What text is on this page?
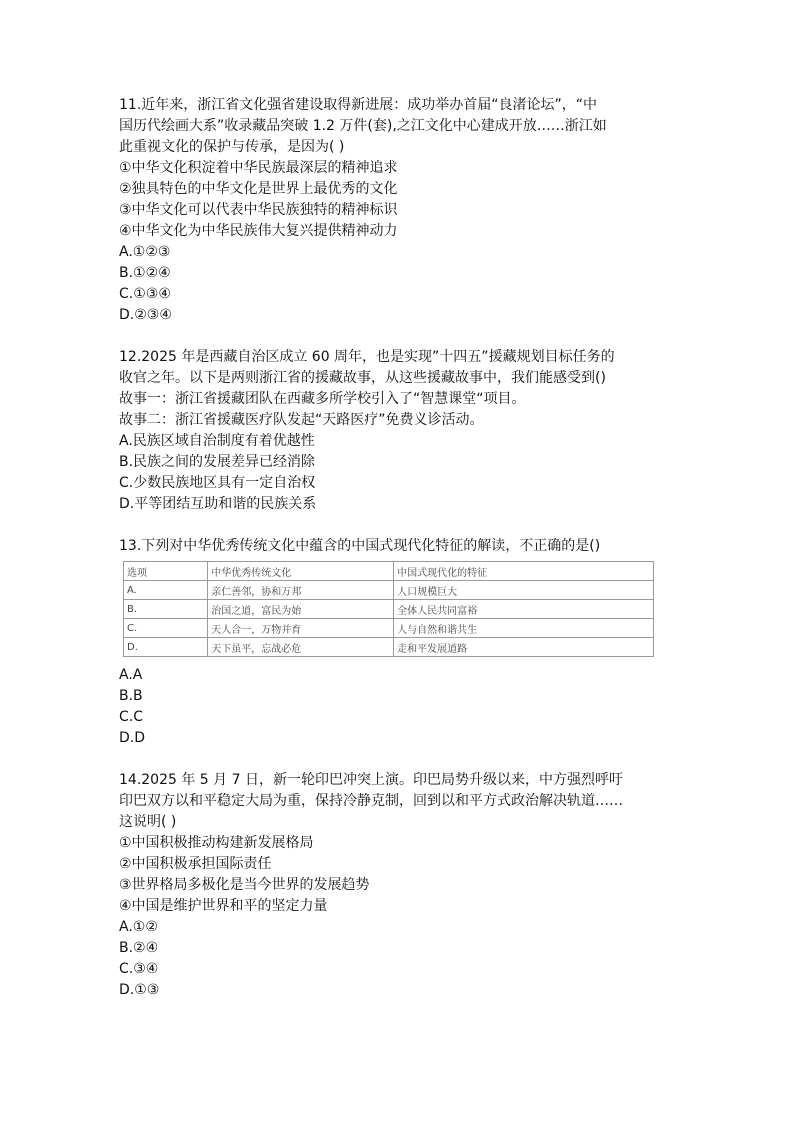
11.近年来，浙江省文化强省建设取得新进展：成功举办首届“良渚论坛”，“中
国历代绘画大系”收录藏品突破 1.2 万件(套),之江文化中心建成开放……浙江如
此重视文化的保护与传承，是因为( )
①中华文化积淀着中华民族最深层的精神追求
②独具特色的中华文化是世界上最优秀的文化
③中华文化可以代表中华民族独特的精神标识
④中华文化为中华民族伟大复兴提供精神动力
A.①②③
B.①②④
C.①③④
D.②③④
12.2025 年是西藏自治区成立 60 周年，也是实现”十四五”援藏规划目标任务的
收官之年。以下是两则浙江省的援藏故事，从这些援藏故事中，我们能感受到()
故事一：浙江省援藏团队在西藏多所学校引入了“智慧课堂“项目。
故事二：浙江省援藏医疗队发起“天路医疗”免费义诊活动。
A.民族区域自治制度有着优越性
B.民族之间的发展差异已经消除
C.少数民族地区具有一定自治权
D.平等团结互助和谐的民族关系
13.下列对中华优秀传统文化中蕴含的中国式现代化特征的解读，不正确的是()
选项	中华优秀传统文化	中国式现代化的特征
A.	亲仁善邻，协和万邦	人口规模巨大
B.	治国之道，富民为始	全体人民共同富裕
C.	天人合一，万物并育	人与自然和谐共生
D.	天下虽平，忘战必危	走和平发展道路
A.A
B.B
C.C
D.D
14.2025 年 5 月 7 日，新一轮印巴冲突上演。印巴局势升级以来，中方强烈呼吁
印巴双方以和平稳定大局为重，保持冷静克制，回到以和平方式政治解决轨道……
这说明( )
①中国积极推动构建新发展格局
②中国积极承担国际责任
③世界格局多极化是当今世界的发展趋势
④中国是维护世界和平的坚定力量
A.①②
B.②④
C.③④
D.①③
